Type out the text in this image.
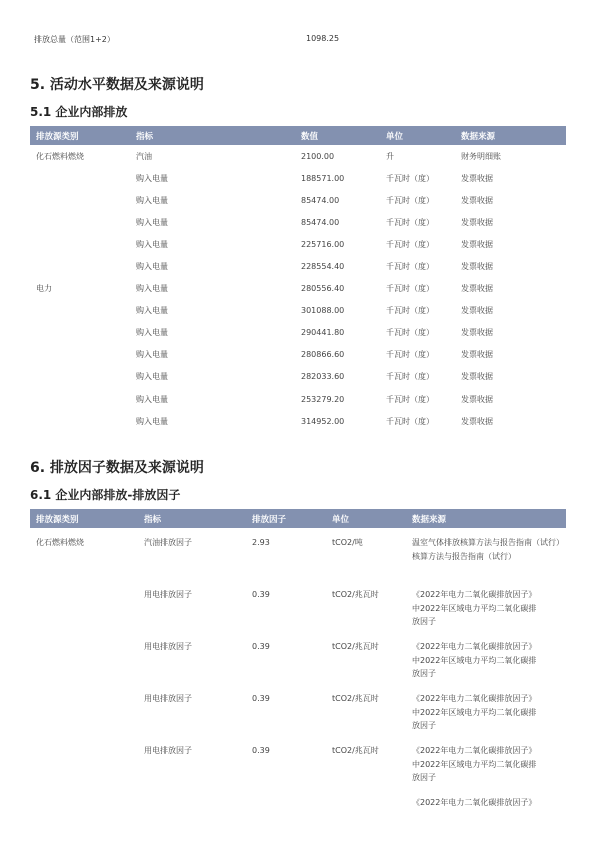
排放总量（范围1+2）	1098.25
5. 活动水平数据及来源说明
5.1 企业内部排放
排放源类别	指标	数值	单位	数据来源
化石燃料燃烧	汽油	2100.00	升	财务明细账
	购入电量	188571.00	千瓦时（度）	发票收据
	购入电量	85474.00	千瓦时（度）	发票收据
	购入电量	85474.00	千瓦时（度）	发票收据
	购入电量	225716.00	千瓦时（度）	发票收据
	购入电量	228554.40	千瓦时（度）	发票收据
电力	购入电量	280556.40	千瓦时（度）	发票收据
	购入电量	301088.00	千瓦时（度）	发票收据
	购入电量	290441.80	千瓦时（度）	发票收据
	购入电量	280866.60	千瓦时（度）	发票收据
	购入电量	282033.60	千瓦时（度）	发票收据
	购入电量	253279.20	千瓦时（度）	发票收据
	购入电量	314952.00	千瓦时（度）	发票收据
6. 排放因子数据及来源说明
6.1 企业内部排放-排放因子
排放源类别	指标	排放因子	单位	数据来源
化石燃料燃烧	汽油排放因子	2.93	tCO2/吨	温室气体排放核算方法与报告指南（试行）
核算方法与报告指南（试行）

	用电排放因子	0.39	tCO2/兆瓦时	《2022年电力二氧化碳排放因子》
中2022年区域电力平均二氧化碳排
放因子

	用电排放因子	0.39	tCO2/兆瓦时	《2022年电力二氧化碳排放因子》
中2022年区域电力平均二氧化碳排
放因子

	用电排放因子	0.39	tCO2/兆瓦时	《2022年电力二氧化碳排放因子》
中2022年区域电力平均二氧化碳排
放因子

	用电排放因子	0.39	tCO2/兆瓦时	《2022年电力二氧化碳排放因子》
中2022年区域电力平均二氧化碳排
放因子

				《2022年电力二氧化碳排放因子》
